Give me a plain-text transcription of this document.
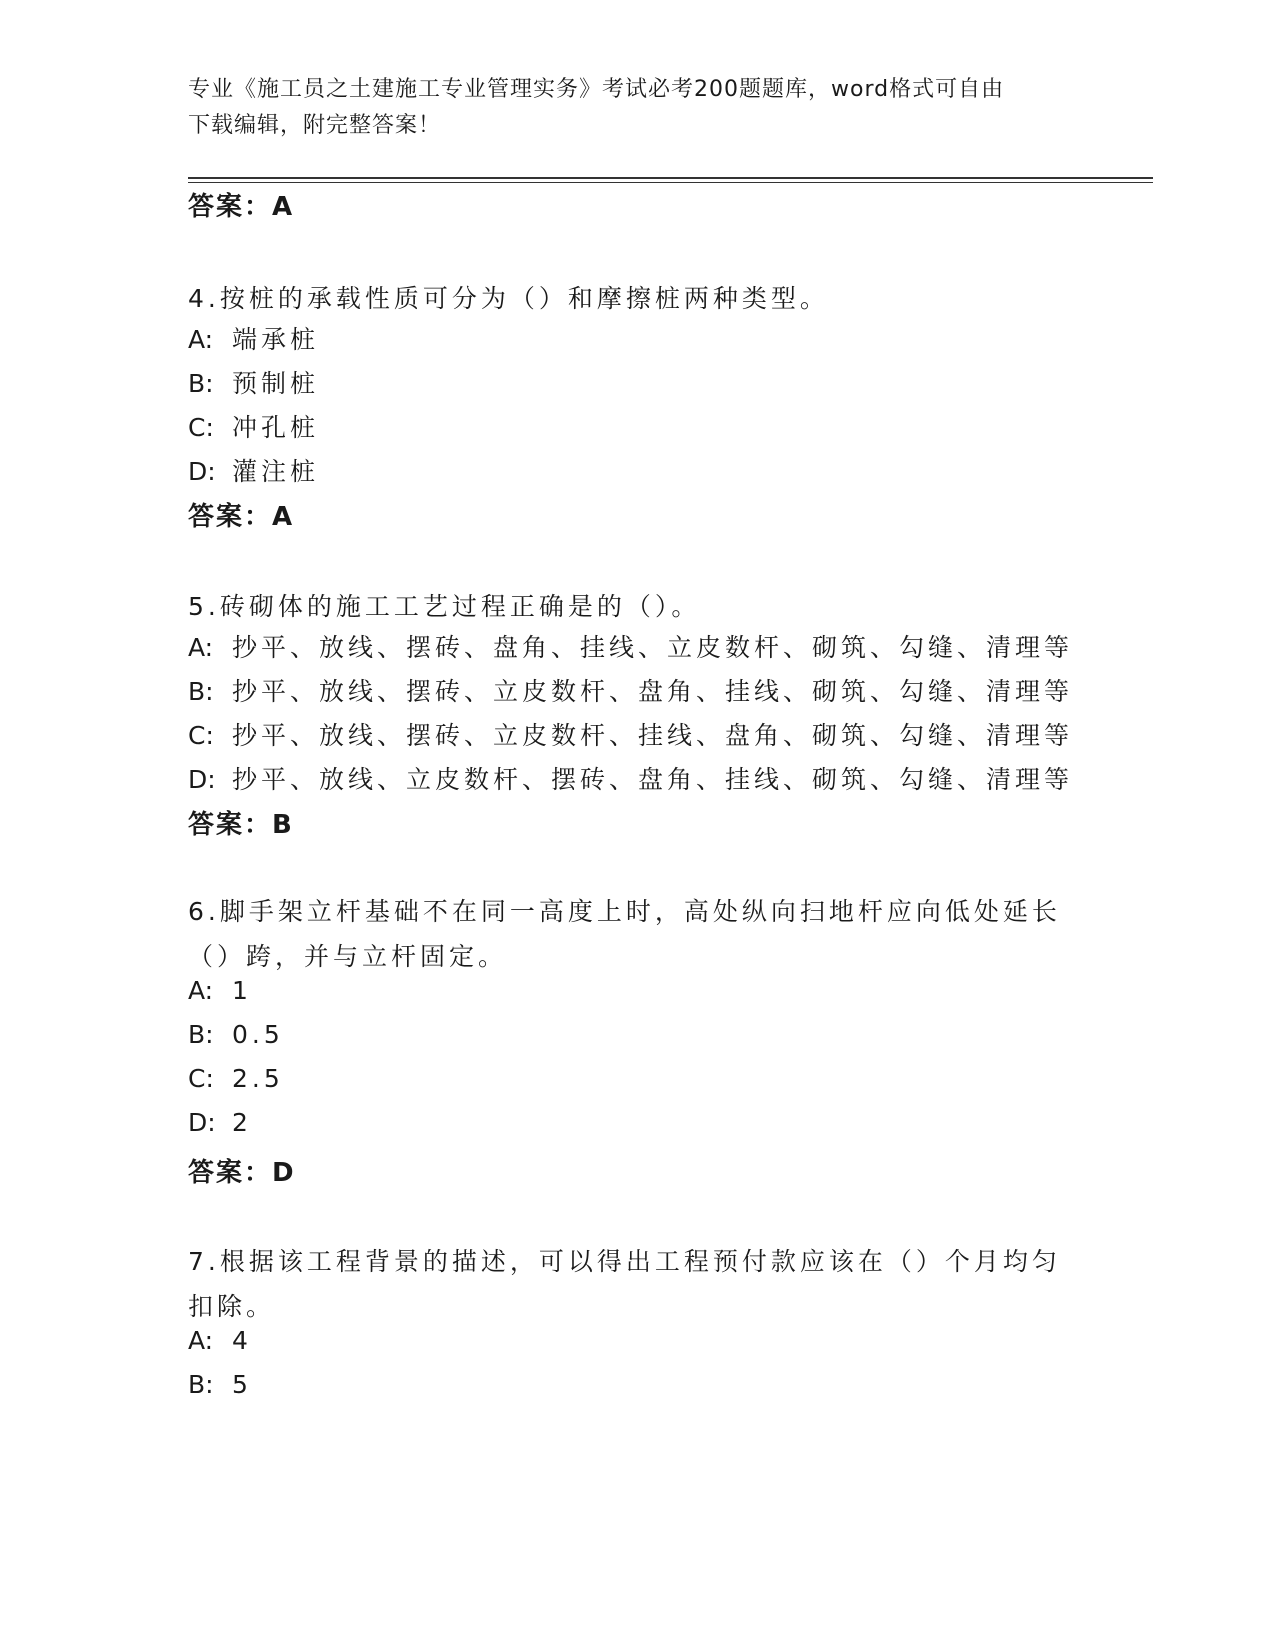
专业《施工员之土建施工专业管理实务》考试必考200题题库，word格式可自由
下载编辑，附完整答案！
答案：A
4.按桩的承载性质可分为（）和摩擦桩两种类型。
A: 端承桩
B: 预制桩
C: 冲孔桩
D: 灌注桩
答案：A
5.砖砌体的施工工艺过程正确是的（）。
A: 抄平、放线、摆砖、盘角、挂线、立皮数杆、砌筑、勾缝、清理等
B: 抄平、放线、摆砖、立皮数杆、盘角、挂线、砌筑、勾缝、清理等
C: 抄平、放线、摆砖、立皮数杆、挂线、盘角、砌筑、勾缝、清理等
D: 抄平、放线、立皮数杆、摆砖、盘角、挂线、砌筑、勾缝、清理等
答案：B
6.脚手架立杆基础不在同一高度上时，高处纵向扫地杆应向低处延长（）跨，并与立杆固定。
A: 1
B: 0.5
C: 2.5
D: 2
答案：D
7.根据该工程背景的描述，可以得出工程预付款应该在（）个月均匀扣除。
A: 4
B: 5
